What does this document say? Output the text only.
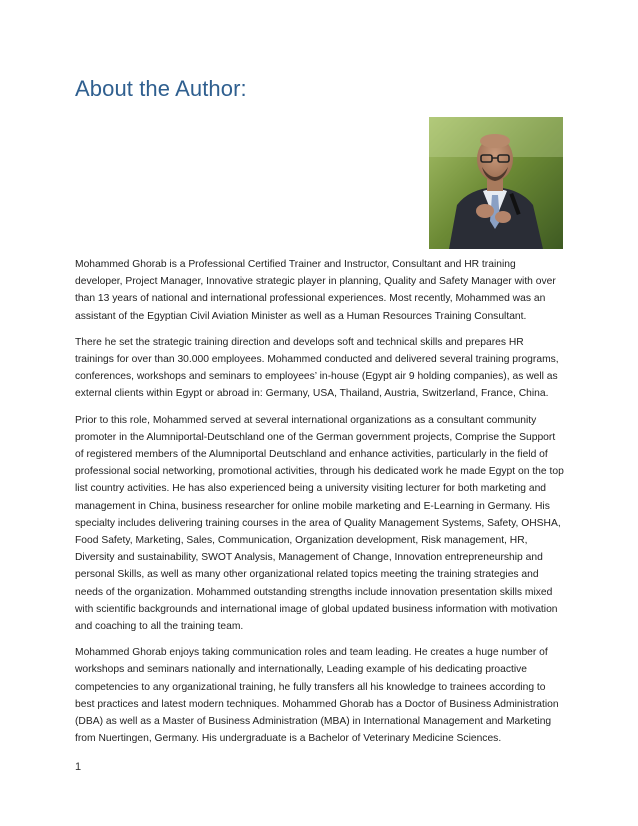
About the Author:

Mohammed Ghorab is a Professional Certified Trainer and Instructor, Consultant and HR training developer, Project Manager, Innovative strategic player in planning, Quality and Safety Manager with over than 13 years of national and international professional experiences. Most recently, Mohammed was an assistant of the Egyptian Civil Aviation Minister as well as a Human Resources Training Consultant.

There he set the strategic training direction and develops soft and technical skills and prepares HR trainings for over than 30.000 employees. Mohammed conducted and delivered several training programs, conferences, workshops and seminars to employees’ in-house (Egypt air 9 holding companies), as well as external clients within Egypt or abroad in: Germany, USA, Thailand, Austria, Switzerland, France, China.

Prior to this role, Mohammed served at several international organizations as a consultant community promoter in the Alumniportal-Deutschland one of the German government projects, Comprise the Support of registered members of the Alumniportal Deutschland and enhance activities, particularly in the field of professional social networking, promotional activities, through his dedicated work he made Egypt on the top list country activities. He has also experienced being a university visiting lecturer for both marketing and management in China, business researcher for online mobile marketing and E-Learning in Germany. His specialty includes delivering training courses in the area of Quality Management Systems, Safety, OHSHA, Food Safety, Marketing, Sales, Communication, Organization development, Risk management, HR, Diversity and sustainability, SWOT Analysis, Management of Change, Innovation entrepreneurship and personal Skills, as well as many other organizational related topics meeting the training strategies and needs of the organization. Mohammed outstanding strengths include innovation presentation skills mixed with scientific backgrounds and international image of global updated business information with motivation and coaching to all the training team.

Mohammed Ghorab enjoys taking communication roles and team leading. He creates a huge number of workshops and seminars nationally and internationally, Leading example of his dedicating proactive competencies to any organizational training, he fully transfers all his knowledge to trainees according to best practices and latest modern techniques. Mohammed Ghorab has a Doctor of Business Administration (DBA) as well as a Master of Business Administration (MBA) in International Management and Marketing from Nuertingen, Germany. His undergraduate is a Bachelor of Veterinary Medicine Sciences.

1
